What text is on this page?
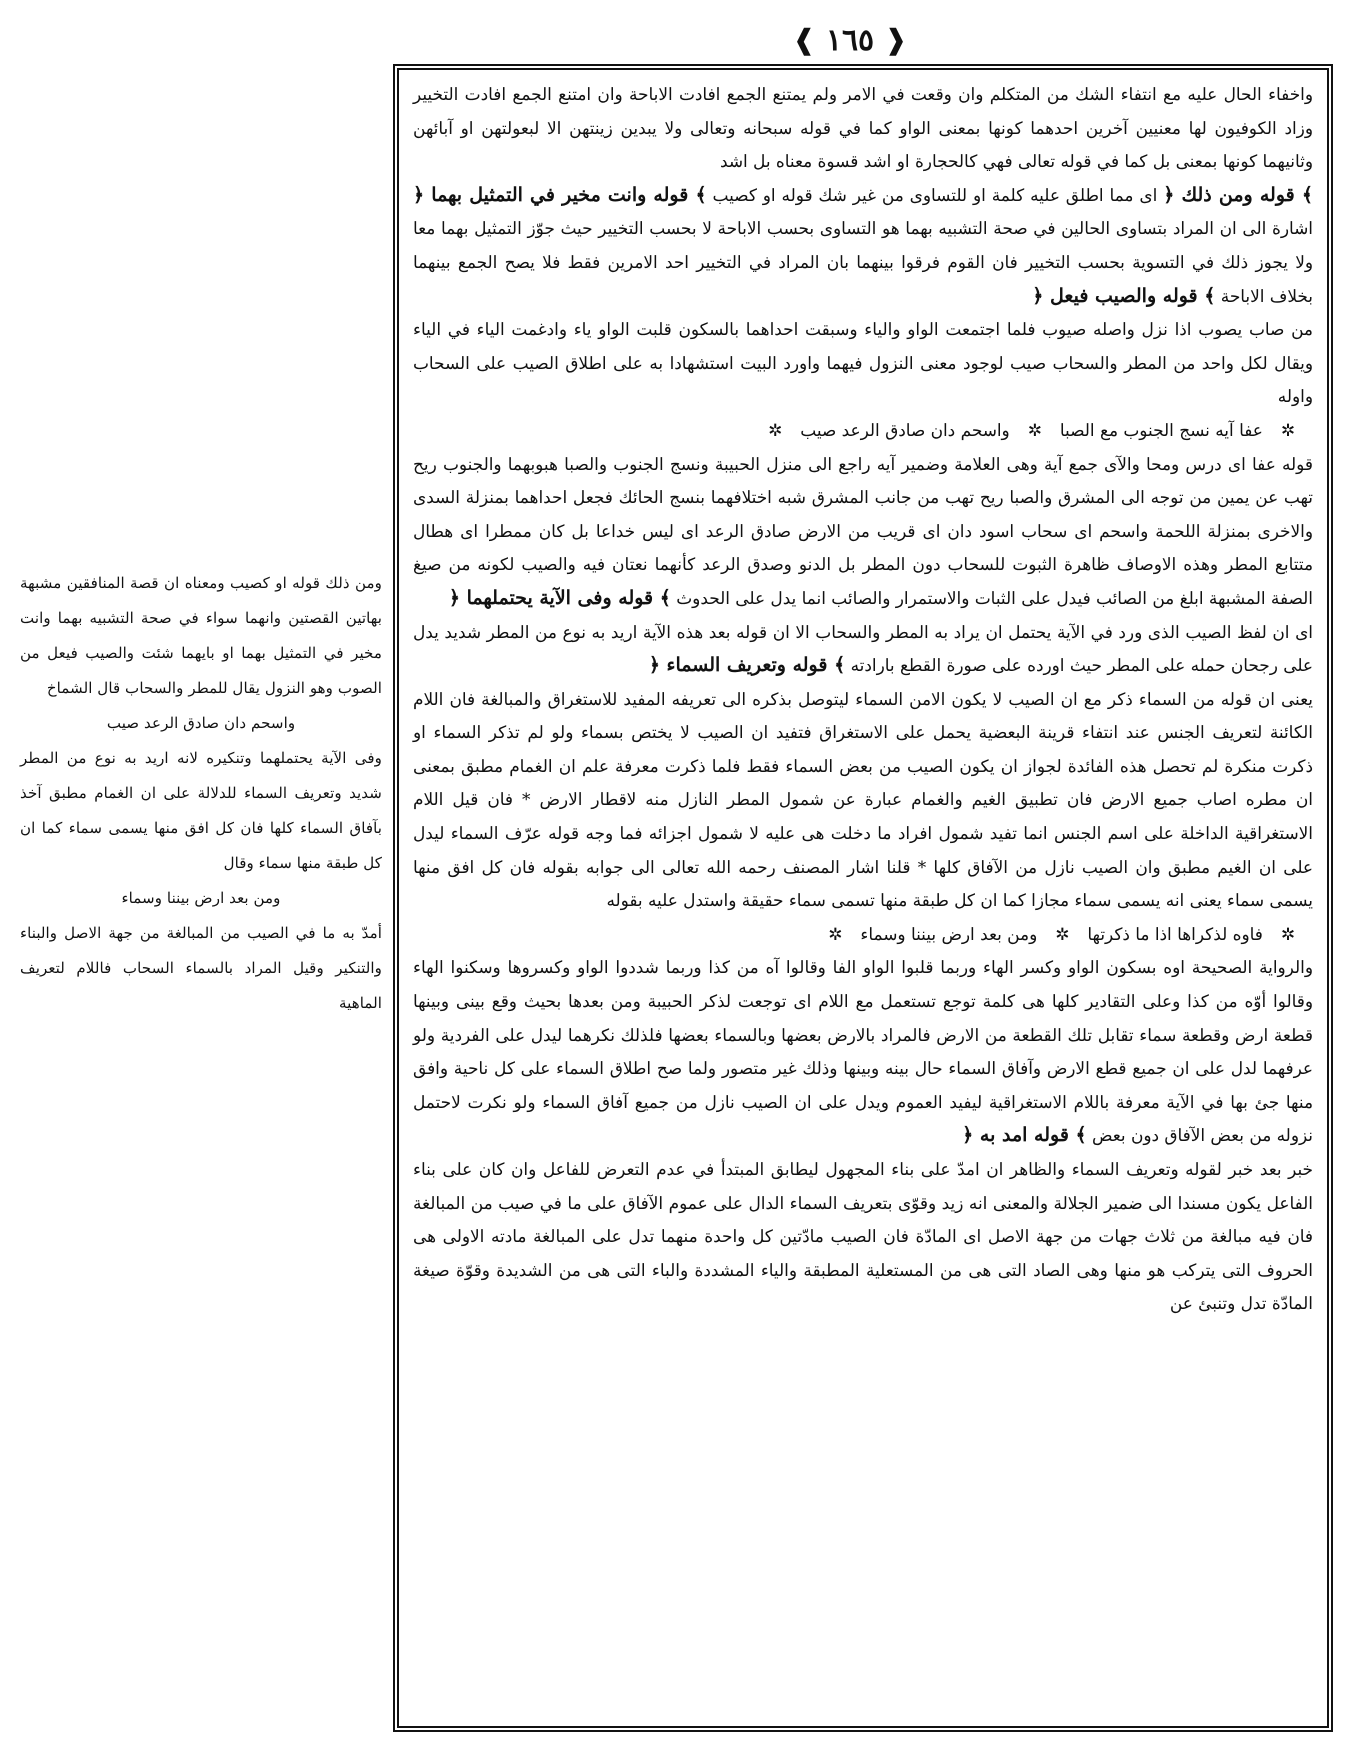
❰ ١٦٥ ❱

واخفاء الحال عليه مع انتفاء الشك من المتكلم وان وقعت في الامر ولم يمتنع الجمع افادت الاباحة وان امتنع الجمع افادت التخيير وزاد الكوفيون لها معنيين آخرين احدهما كونها بمعنى الواو كما في قوله سبحانه وتعالى ولا يبدين زينتهن الا لبعولتهن او آبائهن وثانيهما كونها بمعنى بل كما في قوله تعالى فهي كالحجارة او اشد قسوة معناه بل اشد

﴾ قوله ومن ذلك ﴿ اى مما اطلق عليه كلمة او للتساوى من غير شك قوله او كصيب ﴾ قوله وانت مخير في التمثيل بهما ﴿ اشارة الى ان المراد بتساوى الحالين في صحة التشبيه بهما هو التساوى بحسب الاباحة لا بحسب التخيير حيث جوّز التمثيل بهما معا ولا يجوز ذلك في التسوية بحسب التخيير فان القوم فرقوا بينهما بان المراد في التخيير احد الامرين فقط فلا يصح الجمع بينهما بخلاف الاباحة ﴾ قوله والصيب فيعل ﴿

من صاب يصوب اذا نزل واصله صيوب فلما اجتمعت الواو والياء وسبقت احداهما بالسكون قلبت الواو ياء وادغمت الياء في الياء ويقال لكل واحد من المطر والسحاب صيب لوجود معنى النزول فيهما واورد البيت استشهادا به على اطلاق الصيب على السحاب واوله

✲عفا آيه نسج الجنوب مع الصبا✲واسحم دان صادق الرعد صيب✲

قوله عفا اى درس ومحا والآى جمع آية وهى العلامة وضمير آيه راجع الى منزل الحبيبة ونسج الجنوب والصبا هبوبهما والجنوب ريح تهب عن يمين من توجه الى المشرق والصبا ريح تهب من جانب المشرق شبه اختلافهما بنسج الحائك فجعل احداهما بمنزلة السدى والاخرى بمنزلة اللحمة واسحم اى سحاب اسود دان اى قريب من الارض صادق الرعد اى ليس خداعا بل كان ممطرا اى هطال متتابع المطر وهذه الاوصاف ظاهرة الثبوت للسحاب دون المطر بل الدنو وصدق الرعد كأنهما نعتان فيه والصيب لكونه من صيغ الصفة المشبهة ابلغ من الصائب فيدل على الثبات والاستمرار والصائب انما يدل على الحدوث ﴾ قوله وفى الآية يحتملهما ﴿

اى ان لفظ الصيب الذى ورد في الآية يحتمل ان يراد به المطر والسحاب الا ان قوله بعد هذه الآية اريد به نوع من المطر شديد يدل على رجحان حمله على المطر حيث اورده على صورة القطع بارادته ﴾ قوله وتعريف السماء ﴿

يعنى ان قوله من السماء ذكر مع ان الصيب لا يكون الامن السماء ليتوصل بذكره الى تعريفه المفيد للاستغراق والمبالغة فان اللام الكائنة لتعريف الجنس عند انتفاء قرينة البعضية يحمل على الاستغراق فتفيد ان الصيب لا يختص بسماء ولو لم تذكر السماء او ذكرت منكرة لم تحصل هذه الفائدة لجواز ان يكون الصيب من بعض السماء فقط فلما ذكرت معرفة علم ان الغمام مطبق بمعنى ان مطره اصاب جميع الارض فان تطبيق الغيم والغمام عبارة عن شمول المطر النازل منه لاقطار الارض * فان قيل اللام الاستغراقية الداخلة على اسم الجنس انما تفيد شمول افراد ما دخلت هى عليه لا شمول اجزائه فما وجه قوله عرّف السماء ليدل على ان الغيم مطبق وان الصيب نازل من الآفاق كلها * قلنا اشار المصنف رحمه الله تعالى الى جوابه بقوله فان كل افق منها يسمى سماء يعنى انه يسمى سماء مجازا كما ان كل طبقة منها تسمى سماء حقيقة واستدل عليه بقوله

✲فاوه لذكراها اذا ما ذكرتها✲ومن بعد ارض بيننا وسماء✲

والرواية الصحيحة اوه بسكون الواو وكسر الهاء وربما قلبوا الواو الفا وقالوا آه من كذا وربما شددوا الواو وكسروها وسكنوا الهاء وقالوا أوّه من كذا وعلى التقادير كلها هى كلمة توجع تستعمل مع اللام اى توجعت لذكر الحبيبة ومن بعدها بحيث وقع بينى وبينها قطعة ارض وقطعة سماء تقابل تلك القطعة من الارض فالمراد بالارض بعضها وبالسماء بعضها فلذلك نكرهما ليدل على الفردية ولو عرفهما لدل على ان جميع قطع الارض وآفاق السماء حال بينه وبينها وذلك غير متصور ولما صح اطلاق السماء على كل ناحية وافق منها جئ بها في الآية معرفة باللام الاستغراقية ليفيد العموم ويدل على ان الصيب نازل من جميع آفاق السماء ولو نكرت لاحتمل نزوله من بعض الآفاق دون بعض ﴾ قوله امد به ﴿

خبر بعد خبر لقوله وتعريف السماء والظاهر ان امدّ على بناء المجهول ليطابق المبتدأ في عدم التعرض للفاعل وان كان على بناء الفاعل يكون مسندا الى ضمير الجلالة والمعنى انه زيد وقوّى بتعريف السماء الدال على عموم الآفاق على ما في صيب من المبالغة فان فيه مبالغة من ثلاث جهات من جهة الاصل اى المادّة فان الصيب مادّتين كل واحدة منهما تدل على المبالغة مادته الاولى هى الحروف التى يتركب هو منها وهى الصاد التى هى من المستعلية المطبقة والياء المشددة والباء التى هى من الشديدة وقوّة صيغة المادّة تدل وتنبئ عن

ومن ذلك قوله او كصيب ومعناه ان قصة المنافقين مشبهة بهاتين القصتين وانهما سواء في صحة التشبيه بهما وانت مخير في التمثيل بهما او بايهما شئت والصيب فيعل من الصوب وهو النزول يقال للمطر والسحاب قال الشماخ

واسحم دان صادق الرعد صيب

وفى الآية يحتملهما وتنكيره لانه اريد به نوع من المطر شديد وتعريف السماء للدلالة على ان الغمام مطبق آخذ بآفاق السماء كلها فان كل افق منها يسمى سماء كما ان كل طبقة منها سماء وقال

ومن بعد ارض بيننا وسماء

أمدّ به ما في الصيب من المبالغة من جهة الاصل والبناء والتنكير وقيل المراد بالسماء السحاب فاللام لتعريف الماهية
